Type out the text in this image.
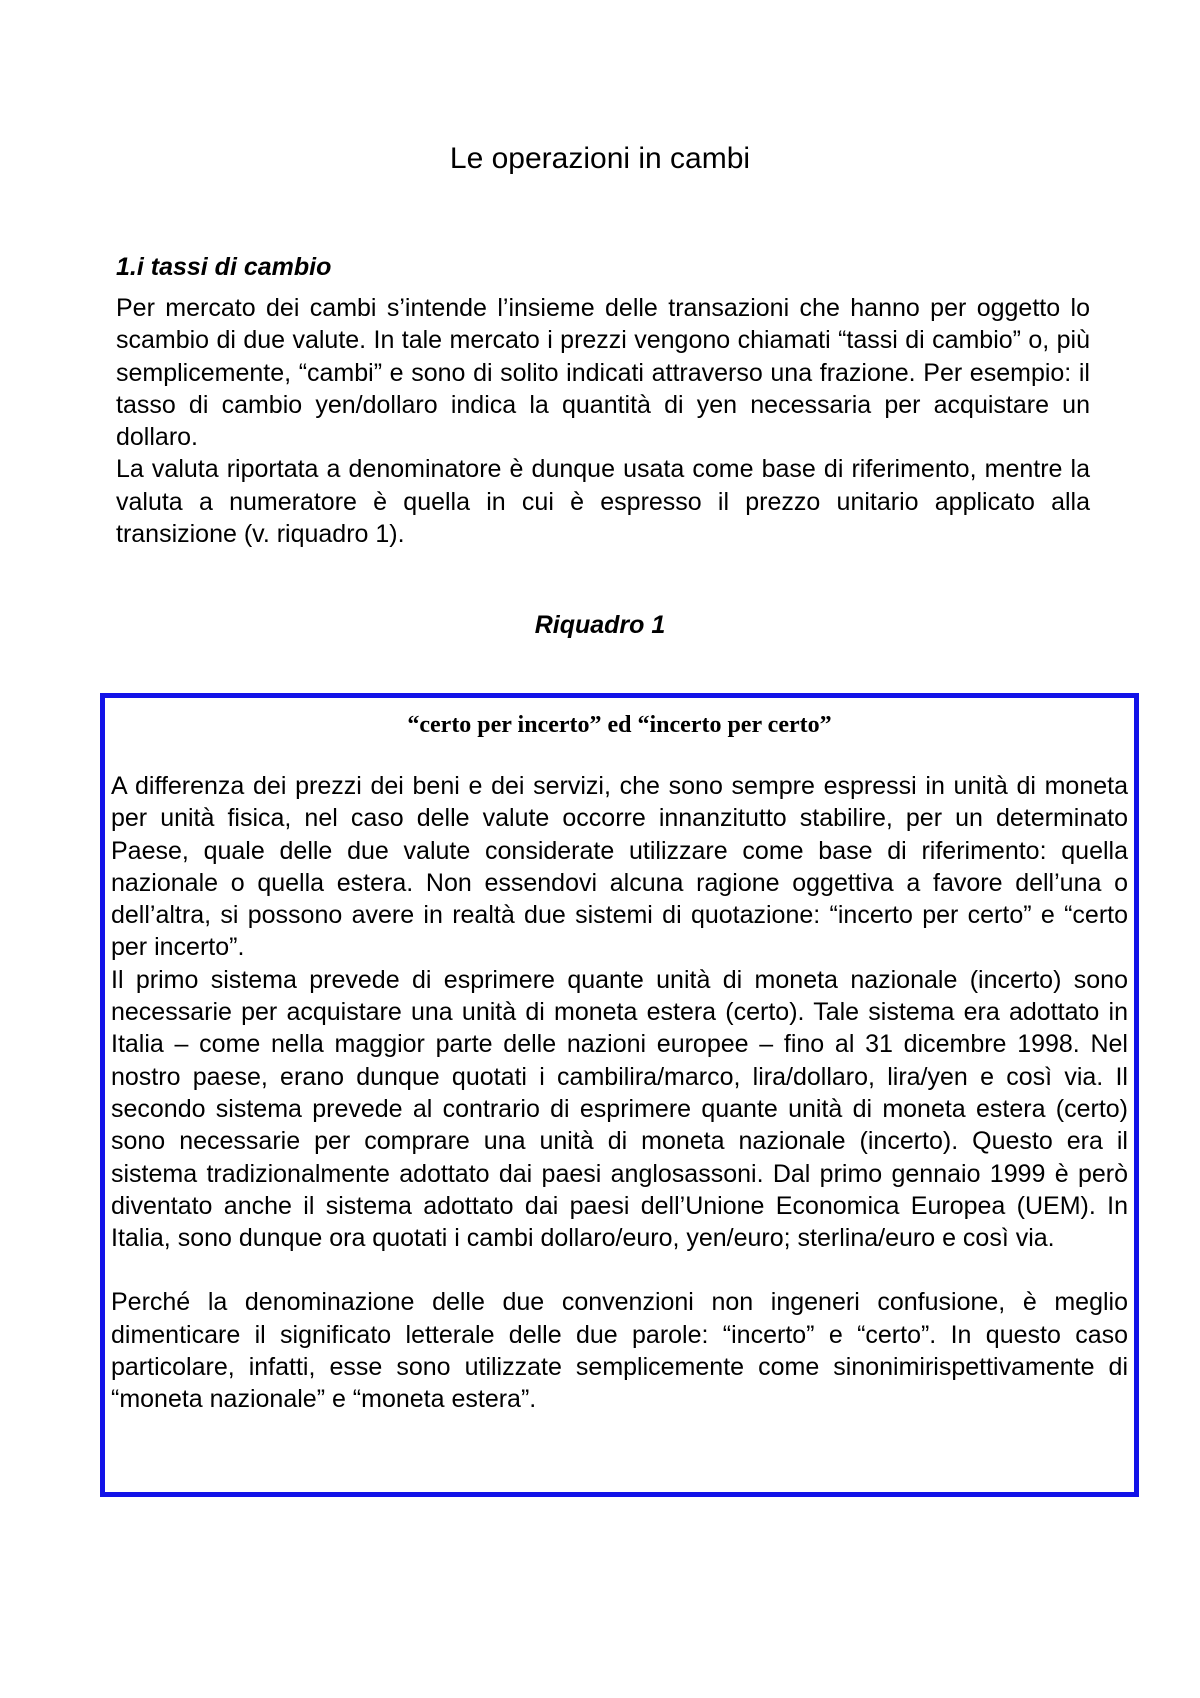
Le operazioni in cambi
1.i tassi di cambio

Per mercato dei cambi s’intende l’insieme delle transazioni che hanno per oggetto lo scambio di due valute. In tale mercato i prezzi vengono chiamati “tassi di cambio” o, più semplicemente, “cambi” e sono di solito indicati attraverso una frazione. Per esempio: il tasso di cambio yen/dollaro indica la quantità di yen necessaria per acquistare un dollaro.

La valuta riportata a denominatore è dunque usata come base di riferimento, mentre la valuta a numeratore è quella in cui è espresso il prezzo unitario applicato alla transizione (v. riquadro 1).

Riquadro 1
“certo per incerto” ed “incerto per certo”

A differenza dei prezzi dei beni e dei servizi, che sono sempre espressi in unità di moneta per unità fisica, nel caso delle valute occorre innanzitutto stabilire, per un determinato Paese, quale delle due valute considerate utilizzare come base di riferimento: quella nazionale o quella estera. Non essendovi alcuna ragione oggettiva a favore dell’una o dell’altra, si possono avere in realtà due sistemi di quotazione: “incerto per certo” e “certo per incerto”.

Il primo sistema prevede di esprimere quante unità di moneta nazionale (incerto) sono necessarie per acquistare una unità di moneta estera (certo). Tale sistema era adottato in Italia – come nella maggior parte delle nazioni europee – fino al 31 dicembre 1998. Nel nostro paese, erano dunque quotati i cambilira/marco, lira/dollaro, lira/yen e così via. Il secondo sistema prevede al contrario di esprimere quante unità di moneta estera (certo) sono necessarie per comprare una unità di moneta nazionale (incerto). Questo era il sistema tradizionalmente adottato dai paesi anglosassoni. Dal primo gennaio 1999 è però diventato anche il sistema adottato dai paesi dell’Unione Economica Europea (UEM). In Italia, sono dunque ora quotati i cambi dollaro/euro, yen/euro; sterlina/euro e così via.

Perché la denominazione delle due convenzioni non ingeneri confusione, è meglio dimenticare il significato letterale delle due parole: “incerto” e “certo”. In questo caso particolare, infatti, esse sono utilizzate semplicemente come sinonimirispettivamente di “moneta nazionale” e “moneta estera”.
